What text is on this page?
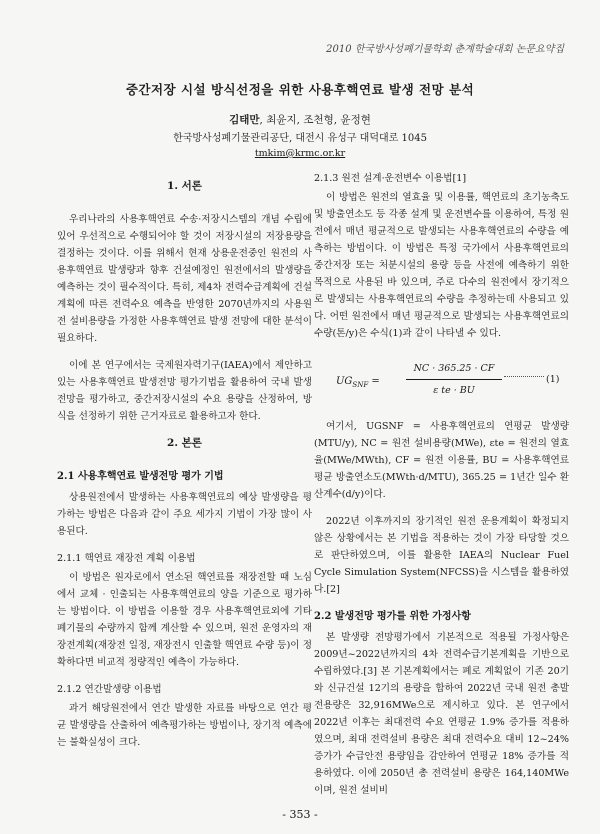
2010 한국방사성폐기물학회 춘계학술대회 논문요약집
중간저장 시설 방식선정을 위한 사용후핵연료 발생 전망 분석
김태만, 최윤지, 조천형, 윤정현
한국방사성폐기물관리공단, 대전시 유성구 대덕대로 1045
tmkim@krmc.or.kr
1. 서론

우리나라의 사용후핵연료 수송·저장시스템의 개념 수립에 있어 우선적으로 수행되어야 할 것이 저장시설의 저장용량을 결정하는 것이다. 이를 위해서 현재 상용운전중인 원전의 사용후핵연료 발생량과 향후 건설예정인 원전에서의 발생량을 예측하는 것이 필수적이다. 특히, 제4차 전력수급계획에 건설계획에 따른 전력수요 예측을 반영한 2070년까지의 사용원전 설비용량을 가정한 사용후핵연료 발생 전망에 대한 분석이 필요하다.

이에 본 연구에서는 국제원자력기구(IAEA)에서 제안하고 있는 사용후핵연료 발생전망 평가기법을 활용하여 국내 발생전망을 평가하고, 중간저장시설의 수요 용량을 산정하여, 방식을 선정하기 위한 근거자료로 활용하고자 한다.

2. 본론
2.1 사용후핵연료 발생전망 평가 기법

상용원전에서 발생하는 사용후핵연료의 예상 발생량을 평가하는 방법은 다음과 같이 주요 세가지 기법이 가장 많이 사용된다.

2.1.1 핵연료 재장전 계획 이용법

이 방법은 원자로에서 연소된 핵연료를 재장전할 때 노심에서 교체 · 인출되는 사용후핵연료의 양을 기준으로 평가하는 방법이다. 이 방법을 이용할 경우 사용후핵연료외에 기타 폐기물의 수량까지 함께 계산할 수 있으며, 원전 운영자의 재장전계획(재장전 일정, 재장전시 인출할 핵연료 수량 등)이 정확하다면 비교적 정량적인 예측이 가능하다.

2.1.2 연간발생량 이용법

과거 해당원전에서 연간 발생한 자료를 바탕으로 연간 평균 발생량을 산출하여 예측평가하는 방법이나, 장기적 예측에는 불확실성이 크다.

2.1.3 원전 설계·운전변수 이용법[1]

이 방법은 원전의 열효율 및 이용률, 핵연료의 초기농축도 및 방출연소도 등 각종 설계 및 운전변수를 이용하여, 특정 원전에서 매년 평균적으로 발생되는 사용후핵연료의 수량을 예측하는 방법이다. 이 방법은 특정 국가에서 사용후핵연료의 중간저장 또는 처분시설의 용량 등을 사전에 예측하기 위한 목적으로 사용된 바 있으며, 주로 다수의 원전에서 장기적으로 발생되는 사용후핵연료의 수량을 추정하는데 사용되고 있다. 어떤 원전에서 매년 평균적으로 발생되는 사용후핵연료의 수량(톤/y)은 수식(1)과 같이 나타낼 수 있다.

$UG_{SNF}$ =	$\frac{NC \cdot 365.25 \cdot CF}{\text{ε te · BU}}$	(1)

여기서, UGSNF = 사용후핵연료의 연평균 발생량(MTU/y), NC = 원전 설비용량(MWe), εte = 원전의 열효율(MWe/MWth), CF = 원전 이용률, BU = 사용후핵연료 평균 방출연소도(MWth·d/MTU), 365.25 = 1년간 일수 환산계수(d/y)이다.

2022년 이후까지의 장기적인 원전 운용계획이 확정되지 않은 상황에서는 본 기법을 적용하는 것이 가장 타당할 것으로 판단하였으며, 이를 활용한 IAEA의 Nuclear Fuel Cycle Simulation System(NFCSS)을 시스템을 활용하였다.[2]

2.2 발생전망 평가를 위한 가정사항

본 발생량 전망평가에서 기본적으로 적용될 가정사항은 2009년~2022년까지의 4차 전력수급기본계획을 기반으로 수립하였다.[3] 본 기본계획에서는 폐로 계획없이 기존 20기와 신규건설 12기의 용량을 합하여 2022년 국내 원전 총발전용량은 32,916MWe으로 제시하고 있다. 본 연구에서 2022년 이후는 최대전력 수요 연평균 1.9% 증가를 적용하였으며, 최대 전력설비 용량은 최대 전력수요 대비 12~24%증가가 수급안전 용량임을 감안하여 연평균 18% 증가를 적용하였다. 이에 2050년 총 전력설비 용량은 164,140MWe이며, 원전 설비비

- 353 -
